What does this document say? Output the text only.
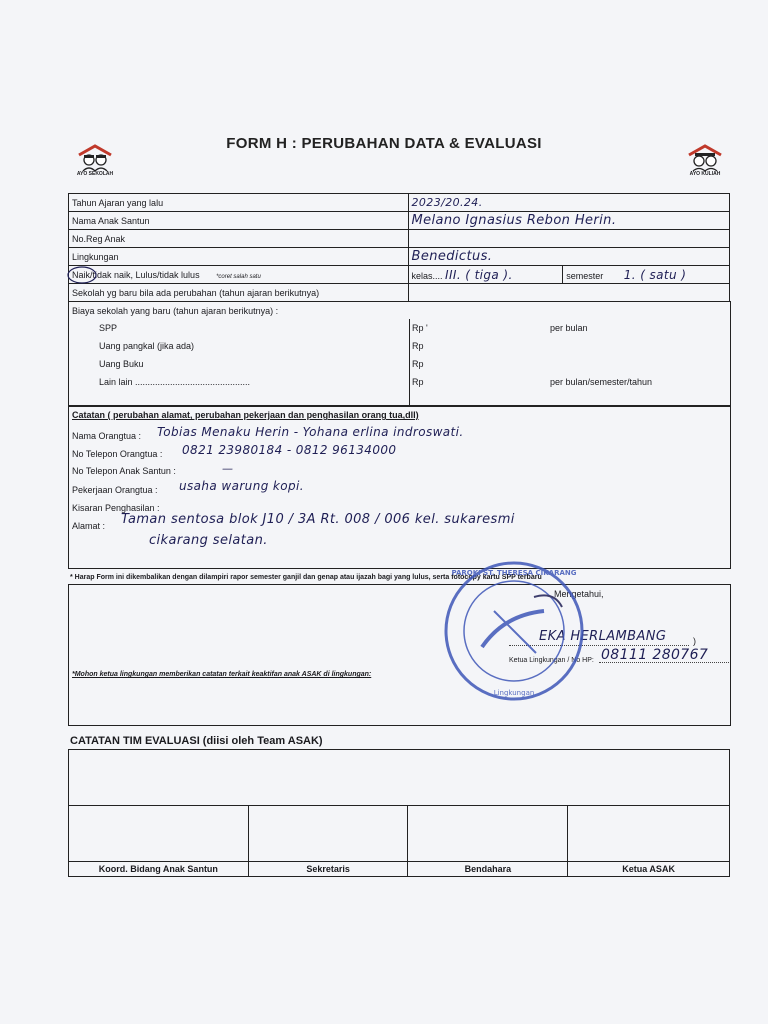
FORM H : PERUBAHAN DATA & EVALUASI
AYO SEKOLAH	AYO KULIAH
Tahun Ajaran yang lalu	2023/20.24.	
Nama Anak Santun	Melano Ignasius Rebon Herin.	
No.Reg Anak		
Lingkungan	Benedictus.	
Naik/tidak naik, Lulus/tidak lulus *coret salah satu	kelas.... III. ( tiga ).	semester 1. ( satu )
Sekolah yg baru bila ada perubahan (tahun ajaran berikutnya)		
Biaya sekolah yang baru (tahun ajaran berikutnya) :
SPP	Rp '	per bulan
Uang pangkal (jika ada)	Rp
Uang Buku	Rp
Lain lain ..............................................	Rp	per bulan/semester/tahun
Catatan ( perubahan alamat, perubahan pekerjaan dan penghasilan orang tua,dll)
Nama Orangtua : Tobias Menaku Herin - Yohana erlina indroswati.
No Telepon Orangtua : 0821 23980184 - 0812 96134000
No Telepon Anak Santun :	—
Pekerjaan Orangtua : usaha warung kopi.
Kisaran Penghasilan :
Alamat : Taman sentosa blok J10 / 3A Rt. 008 / 006 kel. sukaresmi
cikarang selatan.
* Harap Form ini dikembalikan dengan dilampiri rapor semester ganjil dan genap atau ijazah bagi yang lulus, serta fotocopy kartu SPP terbaru
Mengetahui,
EKA HERLAMBANG	)
Ketua Lingkungan / No HP: 08111 280767
*Mohon ketua lingkungan memberikan catatan terkait keaktifan anak ASAK di lingkungan:
PAROKI ST. THERESA CIKARANG
Lingkungan
CATATAN TIM EVALUASI (diisi oleh Team ASAK)

Koord. Bidang Anak Santun	Sekretaris	Bendahara	Ketua ASAK
